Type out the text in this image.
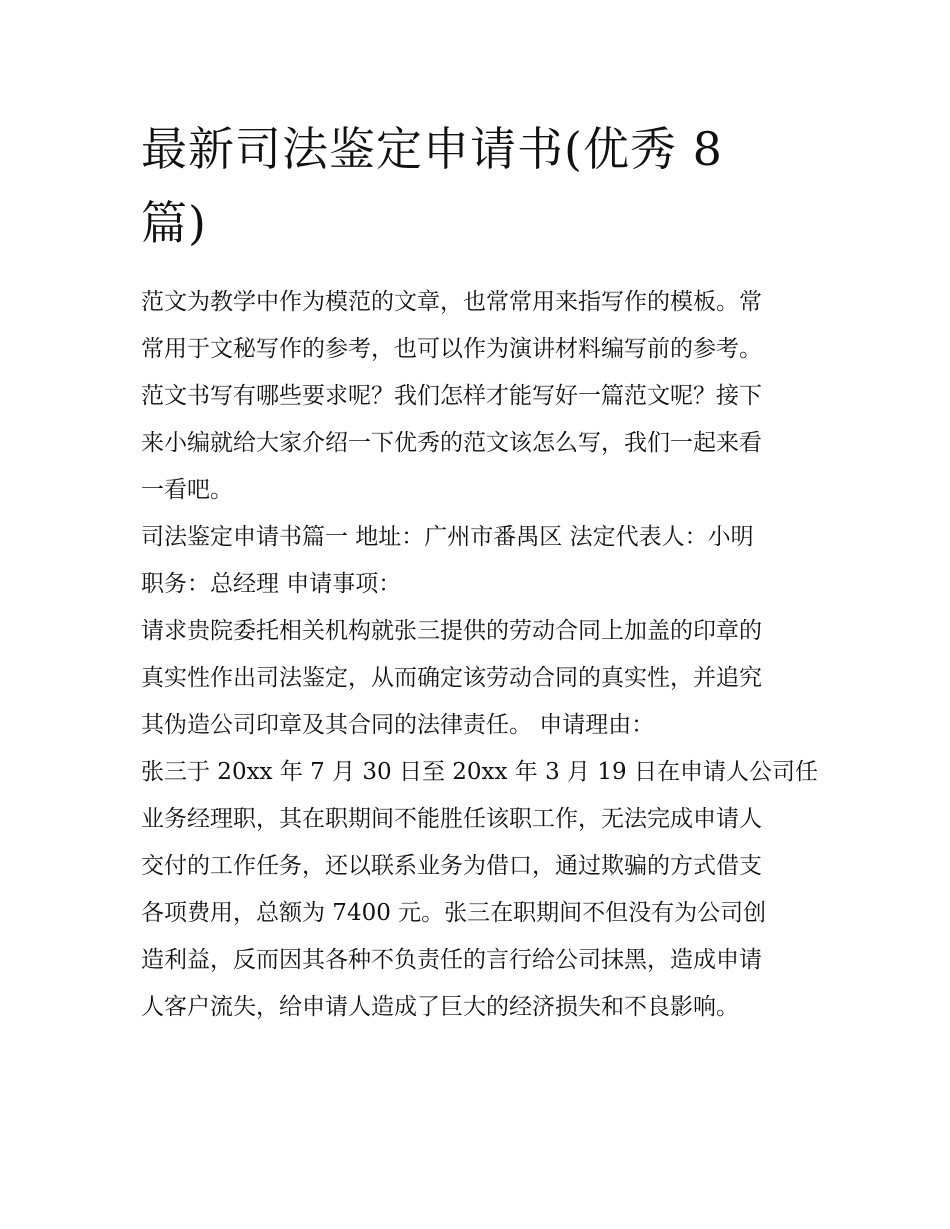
最新司法鉴定申请书(优秀 8
篇)
范文为教学中作为模范的文章，也常常用来指写作的模板。常
常用于文秘写作的参考，也可以作为演讲材料编写前的参考。
范文书写有哪些要求呢？我们怎样才能写好一篇范文呢？接下
来小编就给大家介绍一下优秀的范文该怎么写，我们一起来看
一看吧。
司法鉴定申请书篇一 地址：广州市番禺区 法定代表人：小明
职务：总经理 申请事项：
请求贵院委托相关机构就张三提供的劳动合同上加盖的印章的
真实性作出司法鉴定，从而确定该劳动合同的真实性，并追究
其伪造公司印章及其合同的法律责任。 申请理由：
张三于 20xx 年 7 月 30 日至 20xx 年 3 月 19 日在申请人公司任
业务经理职，其在职期间不能胜任该职工作，无法完成申请人
交付的工作任务，还以联系业务为借口，通过欺骗的方式借支
各项费用，总额为 7400 元。张三在职期间不但没有为公司创
造利益，反而因其各种不负责任的言行给公司抹黑，造成申请
人客户流失，给申请人造成了巨大的经济损失和不良影响。
